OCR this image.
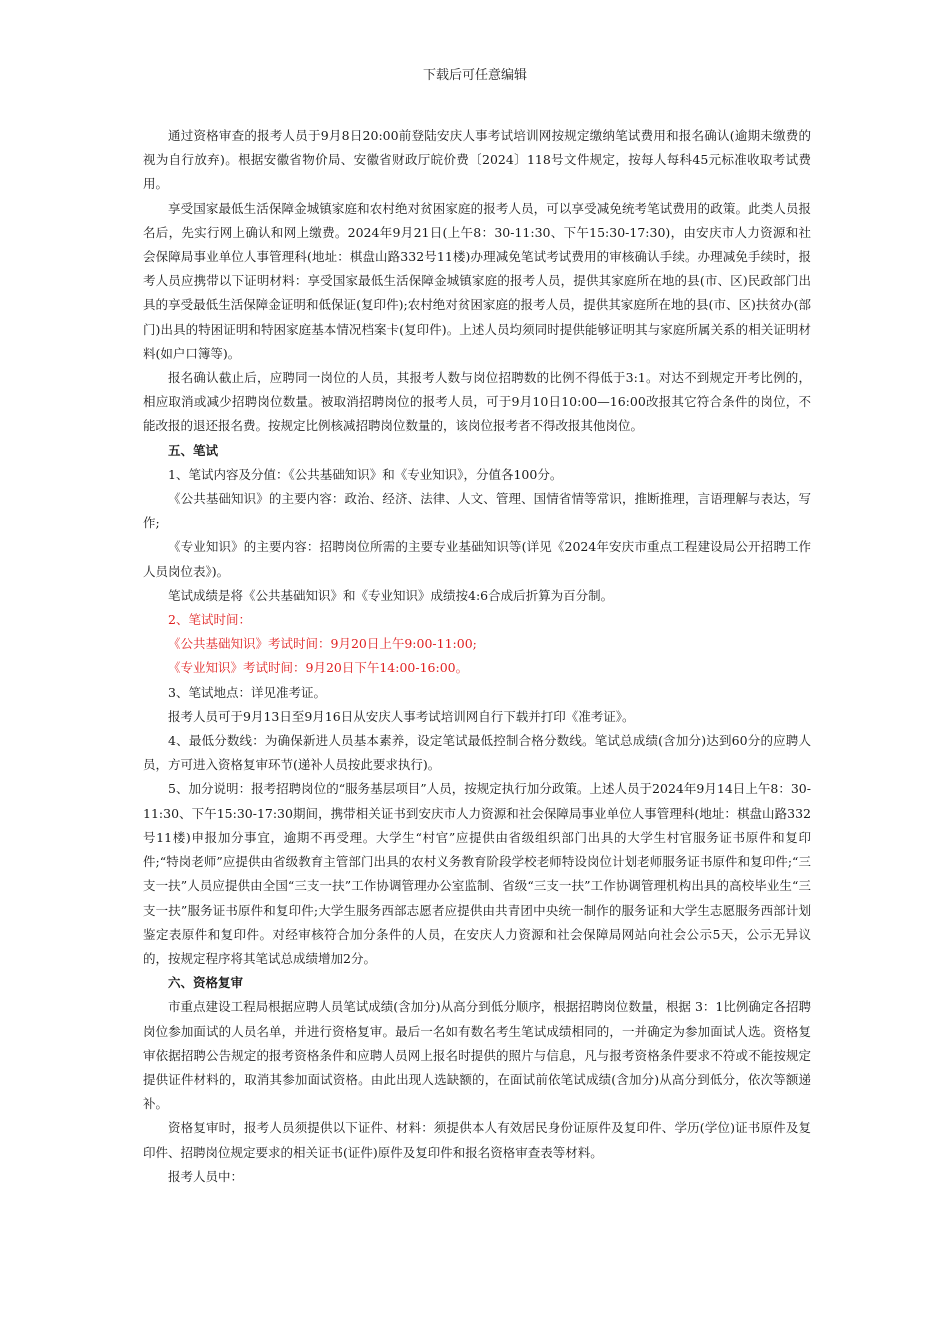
下载后可任意编辑

通过资格审查的报考人员于9月8日20:00前登陆安庆人事考试培训网按规定缴纳笔试费用和报名确认(逾期未缴费的视为自行放弃)。根据安徽省物价局、安徽省财政厅皖价费〔2024〕118号文件规定，按每人每科45元标准收取考试费用。

享受国家最低生活保障金城镇家庭和农村绝对贫困家庭的报考人员，可以享受减免统考笔试费用的政策。此类人员报名后，先实行网上确认和网上缴费。2024年9月21日(上午8：30-11:30、下午15:30-17:30)，由安庆市人力资源和社会保障局事业单位人事管理科(地址：棋盘山路332号11楼)办理减免笔试考试费用的审核确认手续。办理减免手续时，报考人员应携带以下证明材料：享受国家最低生活保障金城镇家庭的报考人员，提供其家庭所在地的县(市、区)民政部门出具的享受最低生活保障金证明和低保证(复印件);农村绝对贫困家庭的报考人员，提供其家庭所在地的县(市、区)扶贫办(部门)出具的特困证明和特困家庭基本情况档案卡(复印件)。上述人员均须同时提供能够证明其与家庭所属关系的相关证明材料(如户口簿等)。

报名确认截止后，应聘同一岗位的人员，其报考人数与岗位招聘数的比例不得低于3:1。对达不到规定开考比例的，相应取消或减少招聘岗位数量。被取消招聘岗位的报考人员，可于9月10日10:00—16:00改报其它符合条件的岗位，不能改报的退还报名费。按规定比例核减招聘岗位数量的，该岗位报考者不得改报其他岗位。

五、笔试

1、笔试内容及分值：《公共基础知识》和《专业知识》，分值各100分。

《公共基础知识》的主要内容：政治、经济、法律、人文、管理、国情省情等常识，推断推理，言语理解与表达，写作;

《专业知识》的主要内容：招聘岗位所需的主要专业基础知识等(详见《2024年安庆市重点工程建设局公开招聘工作人员岗位表》)。

笔试成绩是将《公共基础知识》和《专业知识》成绩按4:6合成后折算为百分制。

2、笔试时间：

《公共基础知识》考试时间：9月20日上午9:00-11:00;

《专业知识》考试时间：9月20日下午14:00-16:00。

3、笔试地点：详见准考证。

报考人员可于9月13日至9月16日从安庆人事考试培训网自行下载并打印《准考证》。

4、最低分数线：为确保新进人员基本素养，设定笔试最低控制合格分数线。笔试总成绩(含加分)达到60分的应聘人员，方可进入资格复审环节(递补人员按此要求执行)。

5、加分说明：报考招聘岗位的“服务基层项目”人员，按规定执行加分政策。上述人员于2024年9月14日上午8：30-11:30、下午15:30-17:30期间，携带相关证书到安庆市人力资源和社会保障局事业单位人事管理科(地址：棋盘山路332号11楼)申报加分事宜，逾期不再受理。大学生“村官”应提供由省级组织部门出具的大学生村官服务证书原件和复印件;“特岗老师”应提供由省级教育主管部门出具的农村义务教育阶段学校老师特设岗位计划老师服务证书原件和复印件;“三支一扶”人员应提供由全国“三支一扶”工作协调管理办公室监制、省级“三支一扶”工作协调管理机构出具的高校毕业生“三支一扶”服务证书原件和复印件;大学生服务西部志愿者应提供由共青团中央统一制作的服务证和大学生志愿服务西部计划鉴定表原件和复印件。对经审核符合加分条件的人员，在安庆人力资源和社会保障局网站向社会公示5天，公示无异议的，按规定程序将其笔试总成绩增加2分。

六、资格复审

市重点建设工程局根据应聘人员笔试成绩(含加分)从高分到低分顺序，根据招聘岗位数量，根据 3：1比例确定各招聘岗位参加面试的人员名单，并进行资格复审。最后一名如有数名考生笔试成绩相同的，一并确定为参加面试人选。资格复审依据招聘公告规定的报考资格条件和应聘人员网上报名时提供的照片与信息，凡与报考资格条件要求不符或不能按规定提供证件材料的，取消其参加面试资格。由此出现人选缺额的，在面试前依笔试成绩(含加分)从高分到低分，依次等额递补。

资格复审时，报考人员须提供以下证件、材料：须提供本人有效居民身份证原件及复印件、学历(学位)证书原件及复印件、招聘岗位规定要求的相关证书(证件)原件及复印件和报名资格审查表等材料。

报考人员中：
